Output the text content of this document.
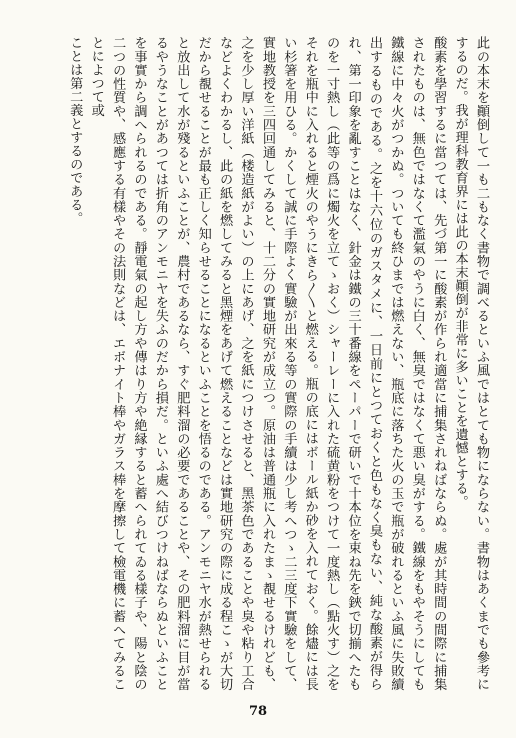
此の本末を顚倒して一も二もなく書物で調べるといふ風ではとても物にならない。書物はあくまでも參考にするのだ。我が理科教育界には此の本末顚倒が非常に多いことを遺憾とする。

酸素を學習するに當つては、先づ第一に酸素が作られ適當に捕集されねばならぬ。處が其時間の間際に捕集されたものは、無色ではなくて濫氣のやうに白く、無臭ではなくて悪い臭がする。鐵線をもやそうにしても鐵線に中々火がつかぬ。ついても終ひまでは燃えない、瓶底に落ちた火の玉で瓶が破れるといふ風に失敗續出するものである。之を十六位のガスタメに、一日前にとつておくと色もなく臭もない、純な酸素が得られ、第一印象を亂すことはなく、針金は鐵の三十番線をペーパーで研いで十本位を束ね先を鋏で切揃へたものを一寸熱し（此等の爲に燭火を立てゝおく）シャーレーに入れた硫黄粉をつけて一度熱し（點火す）之をそれを瓶中に入れると煙火のやうにきら〳〵と燃える。瓶の底にはボール紙か砂を入れておく。餘燼には長い杉箸を用ひる。かくして誠に手際よく實驗が出來る等の實際の手續は少し考へつゝ二三度下實驗をして、實地教授を三四回通してみると、十二分の實地研究が成立つ。原油は普通瓶に入れたまゝ覩せるけれども、之を少し厚い洋紙（楼造紙がよい）の上にあげ、之を紙につけさせると、黑茶色であることや臭や粘り工合などよくわかるし、此の紙を燃してみると黑煙をあげて燃えることなどは實地研究の際に成る程こゝが大切だから覩せることが最も正しく知らせることになるといふことを悟るのである。アンモニヤ水が熱せられると放出して水が殘るといふことが、農村であるなら、すぐ肥料溜の必要であることや、その肥料溜に目が當るやうなことがあつては折角のアンモニヤを失ふのだから損だ。といふ處へ結びつけねばならぬといふことを事實から調へられるのである。靜電氣の起し方や傳はり方や絶縁すると蓄へられてゐる樣子や、陽と陰の二つの性質や、感應する有樣やその法則などは、エボナイト棒やガラス棒を摩擦して檢電機に蓄へてみることによつて或

ことは第二義とするのである。

78
